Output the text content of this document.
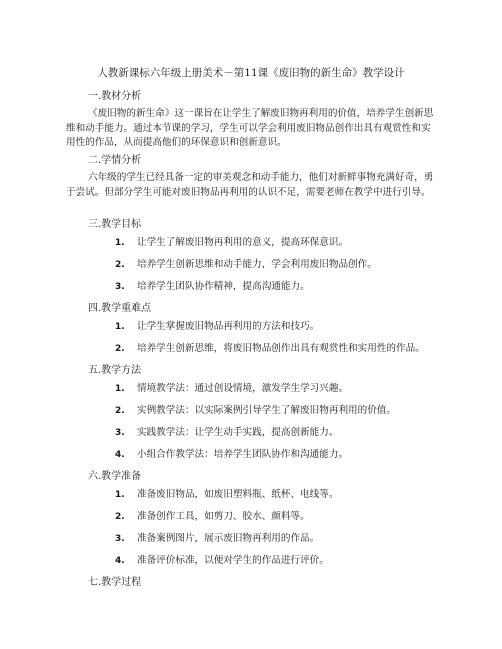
人教新课标六年级上册美术－第11课《废旧物的新生命》教学设计
一.教材分析
《废旧物的新生命》这一课旨在让学生了解废旧物再利用的价值，培养学生创新思维和动手能力。通过本节课的学习，学生可以学会利用废旧物品创作出具有观赏性和实用性的作品，从而提高他们的环保意识和创新意识。
二.学情分析
六年级的学生已经具备一定的审美观念和动手能力，他们对新鲜事物充满好奇，勇于尝试。但部分学生可能对废旧物品再利用的认识不足，需要老师在教学中进行引导。
三.教学目标
1. 让学生了解废旧物再利用的意义，提高环保意识。
2. 培养学生创新思维和动手能力，学会利用废旧物品创作。
3. 培养学生团队协作精神，提高沟通能力。
四.教学重难点
1. 让学生掌握废旧物品再利用的方法和技巧。
2. 培养学生创新思维，将废旧物品创作出具有观赏性和实用性的作品。
五.教学方法
1. 情境教学法：通过创设情境，激发学生学习兴趣。
2. 实例教学法：以实际案例引导学生了解废旧物再利用的价值。
3. 实践教学法：让学生动手实践，提高创新能力。
4. 小组合作教学法：培养学生团队协作和沟通能力。
六.教学准备
1. 准备废旧物品，如废旧塑料瓶、纸杯、电线等。
2. 准备创作工具，如剪刀、胶水、颜料等。
3. 准备案例图片，展示废旧物再利用的作品。
4. 准备评价标准，以便对学生的作品进行评价。
七.教学过程
